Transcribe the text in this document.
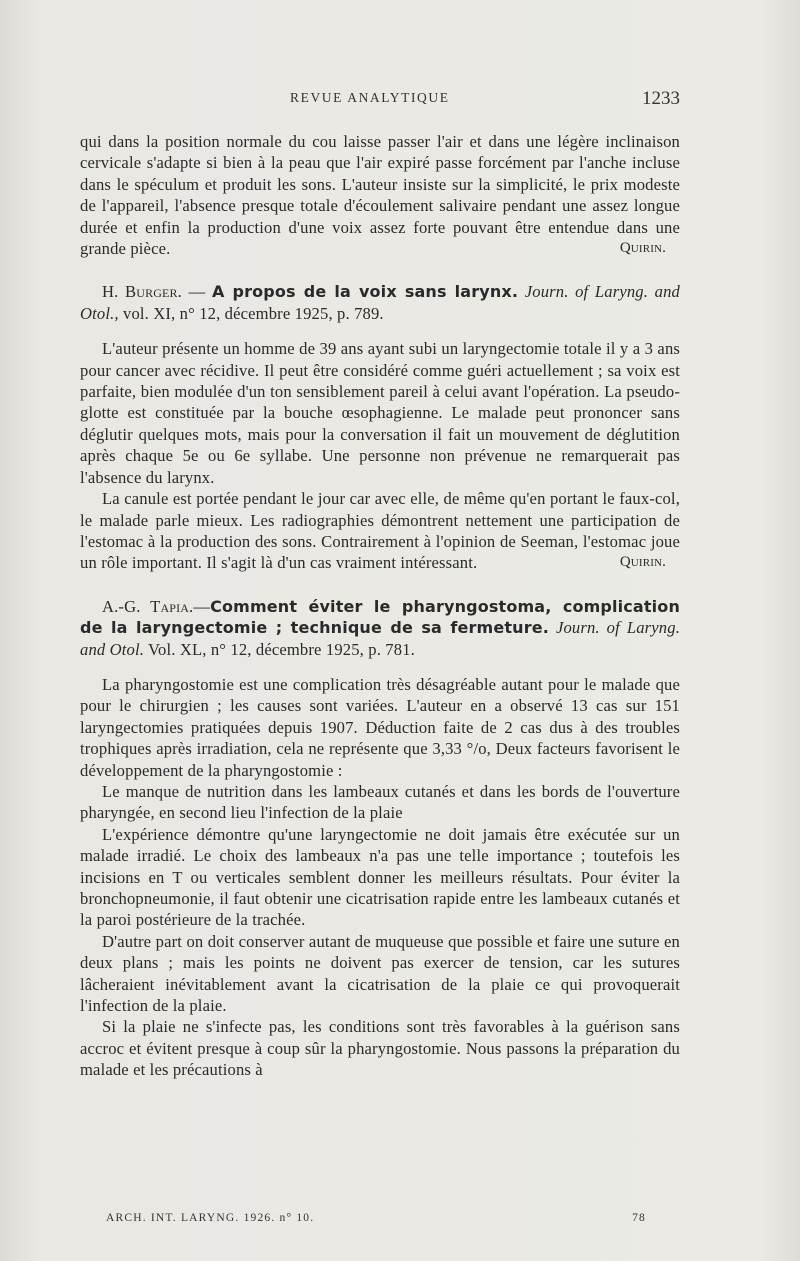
REVUE ANALYTIQUE	1233

qui dans la position normale du cou laisse passer l'air et dans une légère inclinaison cervicale s'adapte si bien à la peau que l'air expiré passe forcément par l'anche incluse dans le spéculum et produit les sons. L'auteur insiste sur la simplicité, le prix modeste de l'appareil, l'absence presque totale d'écoulement salivaire pendant une assez longue durée et enfin la production d'une voix assez forte pouvant être entendue dans une grande pièce.	Quirin.

H. Burger. — A propos de la voix sans larynx. Journ. of Laryng. and Otol., vol. XI, n° 12, décembre 1925, p. 789.

L'auteur présente un homme de 39 ans ayant subi un laryngectomie totale il y a 3 ans pour cancer avec récidive. Il peut être considéré comme guéri actuellement ; sa voix est parfaite, bien modulée d'un ton sensiblement pareil à celui avant l'opération. La pseudo-glotte est constituée par la bouche œsophagienne. Le malade peut prononcer sans déglutir quelques mots, mais pour la conversation il fait un mouvement de déglutition après chaque 5e ou 6e syllabe. Une personne non prévenue ne remarquerait pas l'absence du larynx.

La canule est portée pendant le jour car avec elle, de même qu'en portant le faux-col, le malade parle mieux. Les radiographies démontrent nettement une participation de l'estomac à la production des sons. Contrairement à l'opinion de Seeman, l'estomac joue un rôle important. Il s'agit là d'un cas vraiment intéressant.	Quirin.

A.-G. Tapia.—Comment éviter le pharyngostoma, complication de la laryngectomie ; technique de sa fermeture. Journ. of Laryng. and Otol. Vol. XL, n° 12, décembre 1925, p. 781.

La pharyngostomie est une complication très désagréable autant pour le malade que pour le chirurgien ; les causes sont variées. L'auteur en a observé 13 cas sur 151 laryngectomies pratiquées depuis 1907. Déduction faite de 2 cas dus à des troubles trophiques après irradiation, cela ne représente que 3,33 °/o, Deux facteurs favorisent le développement de la pharyngostomie :

Le manque de nutrition dans les lambeaux cutanés et dans les bords de l'ouverture pharyngée, en second lieu l'infection de la plaie

L'expérience démontre qu'une laryngectomie ne doit jamais être exécutée sur un malade irradié. Le choix des lambeaux n'a pas une telle importance ; toutefois les incisions en T ou verticales semblent donner les meilleurs résultats. Pour éviter la bronchopneumonie, il faut obtenir une cicatrisation rapide entre les lambeaux cutanés et la paroi postérieure de la trachée.

D'autre part on doit conserver autant de muqueuse que possible et faire une suture en deux plans ; mais les points ne doivent pas exercer de tension, car les sutures lâcheraient inévitablement avant la cicatrisation de la plaie ce qui provoquerait l'infection de la plaie.

Si la plaie ne s'infecte pas, les conditions sont très favorables à la guérison sans accroc et évitent presque à coup sûr la pharyngostomie. Nous passons la préparation du malade et les précautions à

ARCH. INT. LARYNG. 1926. n° 10.	78
